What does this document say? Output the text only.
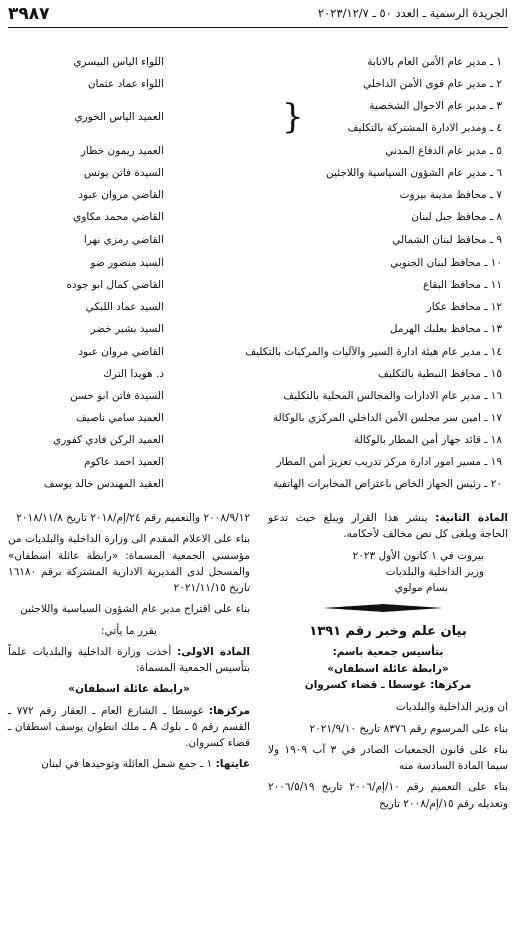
الجريدة الرسمية ـ العدد ٥٠ ـ ٢٠٢٣/١٢/٧
٣٩٨٧
١ ـ مدير عام الأمن العام بالانابة
اللواء الياس البيسري
٢ ـ مدير عام قوى الأمن الداخلي
اللواء عماد عثمان
٣ ـ مدير عام الاحوال الشخصية
العميد الياس الخوري
٤ ـ ومدير الادارة المشتركة بالتكليف
٥ ـ مدير عام الدفاع المدني
العميد ريمون خطار
٦ ـ مدير عام الشؤون السياسية واللاجئين
السيدة فاتن يونس
٧ ـ محافظ مدينة بيروت
القاضي مروان عبود
٨ ـ محافظ جبل لبنان
القاضي محمد مكاوي
٩ ـ محافظ لبنان الشمالي
القاضي رمزي نهرا
١٠ ـ محافظ لبنان الجنوبي
السيد منصور ضو
١١ ـ محافظ البقاع
القاضي كمال ابو جوده
١٢ ـ محافظ عكار
السيد عماد اللبكي
١٣ ـ محافظ بعلبك الهرمل
السيد بشير خضر
١٤ ـ مدير عام هيئة ادارة السير والآليات والمركبات بالتكليف
القاضي مروان عبود
١٥ ـ محافظ النبطية بالتكليف
د. هويدا الترك
١٦ ـ مدير عام الادارات والمجالس المحلية بالتكليف
السيدة فاتن ابو حسن
١٧ ـ امين سر مجلس الأمن الداخلي المركزي بالوكالة
العميد سامي ناصيف
١٨ ـ قائد جهاز أمن المطار بالوكالة
العميد الركن فادي كفوري
١٩ ـ مسير امور ادارة مركز تدريب تعزيز أمن المطار
العميد احمد عاكوم
٢٠ ـ رئيس الجهاز الخاص باعتراض المخابرات الهاتفية
العقيد المهندس خالد يوسف
}

المادة الثانية: ينشر هذا القرار ويبلغ حيث تدعو الحاجة ويلغى كل نص مخالف لأحكامه.

بيروت في ١ كانون الأول ٢٠٢٣

وزير الداخلية والبلديات

بسام مولوي

بيان علم وخبر رقم ١٣٩١
بتأسيس جمعية باسم:
«رابطة عائلة اسطفان»
مركزها: غوسطا ـ قضاء كسروان

ان وزير الداخلية والبلديات

بناء على المرسوم رقم ٨٣٧٦ تاريخ ٢٠٢١/٩/١٠

بناء على قانون الجمعيات الصادر في ٣ آب ١٩٠٩ ولا سيما المادة السادسة منه

بناء على التعميم رقم ١٠/إم/٢٠٠٦ تاريخ ٢٠٠٦/٥/١٩ وتعديله رقم ١٥/إم/٢٠٠٨ تاريخ

٢٠٠٨/٩/١٢ والتعميم رقم ٢٤/إم/٢٠١٨ تاريخ ٢٠١٨/١١/٨

بناء على الاعلام المقدم الى وزارة الداخلية والبلديات من مؤسسي الجمعية المسماة: «رابطة عائلة اسطفان» والمسجل لدى المديرية الادارية المشتركة برقم ١٦١٨٠ تاريخ ٢٠٢١/١١/١٥

بناء على اقتراح مدير عام الشؤون السياسية واللاجئين

يقرر ما يأتي:

المادة الاولى: أخذت وزارة الداخلية والبلديات علماً بتأسيس الجمعية المسماة:

«رابطة عائلة اسطفان»

مركزها: غوسطا ـ الشارع العام ـ العقار رقم ٧٧٢ ـ القسم رقم ٥ ـ بلوك A ـ ملك انطوان يوسف اسطفان ـ قضاء كسروان.

غايتها: ١ ـ جمع شمل العائلة وتوحيدها في لبنان
